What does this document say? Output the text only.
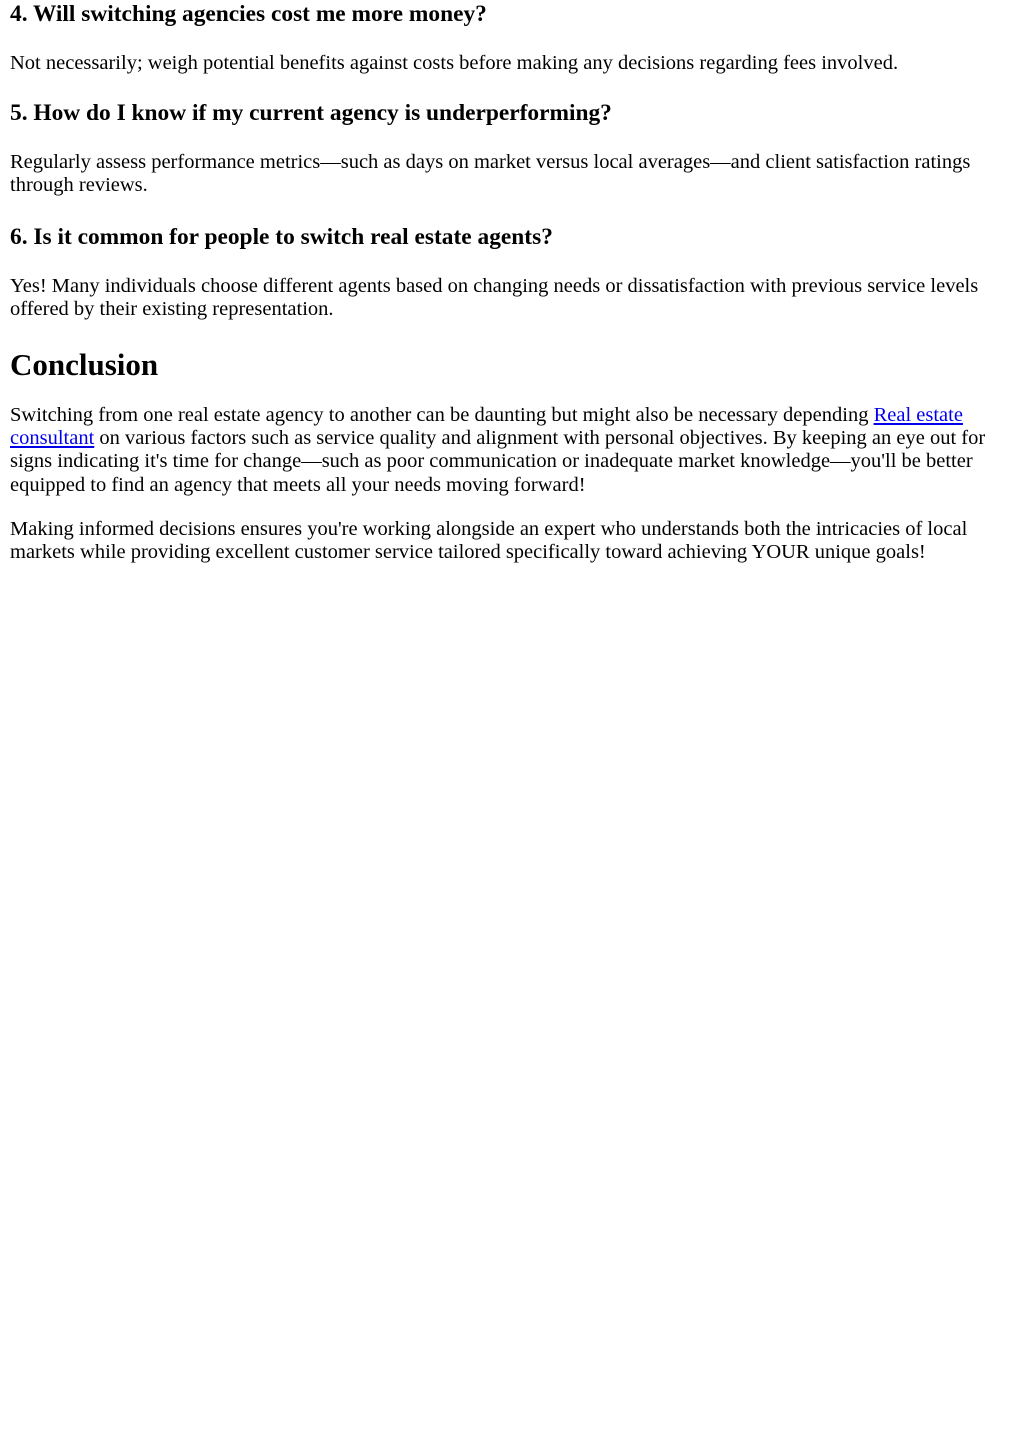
4. Will switching agencies cost me more money?

Not necessarily; weigh potential benefits against costs before making any decisions regarding fees involved.

5. How do I know if my current agency is underperforming?

Regularly assess performance metrics—such as days on market versus local averages—and client satisfaction ratings through reviews.

6. Is it common for people to switch real estate agents?

Yes! Many individuals choose different agents based on changing needs or dissatisfaction with previous service levels offered by their existing representation.

Conclusion

Switching from one real estate agency to another can be daunting but might also be necessary depending Real estate consultant on various factors such as service quality and alignment with personal objectives. By keeping an eye out for signs indicating it's time for change—such as poor communication or inadequate market knowledge—you'll be better equipped to find an agency that meets all your needs moving forward!

Making informed decisions ensures you're working alongside an expert who understands both the intricacies of local markets while providing excellent customer service tailored specifically toward achieving YOUR unique goals!
